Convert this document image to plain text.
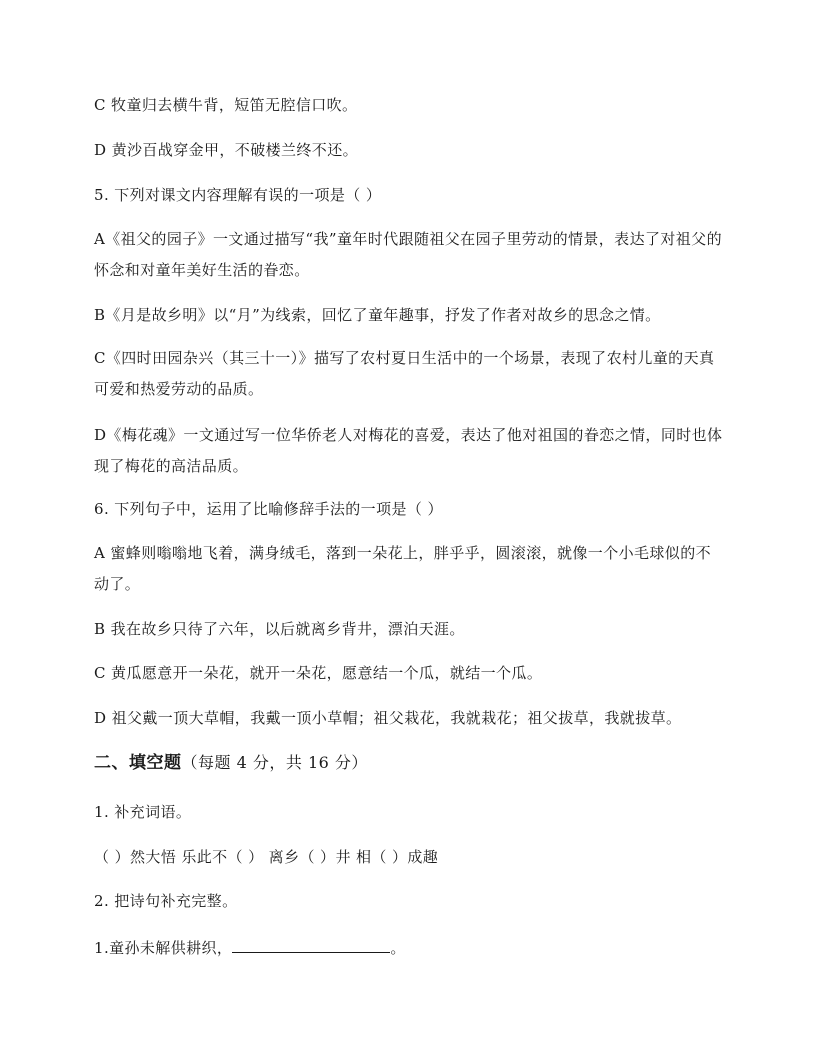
C 牧童归去横牛背，短笛无腔信口吹。
D 黄沙百战穿金甲，不破楼兰终不还。
5. 下列对课文内容理解有误的一项是（ ）
A《祖父的园子》一文通过描写“我”童年时代跟随祖父在园子里劳动的情景，表达了对祖父的怀念和对童年美好生活的眷恋。
B《月是故乡明》以“月”为线索，回忆了童年趣事，抒发了作者对故乡的思念之情。
C《四时田园杂兴（其三十一）》描写了农村夏日生活中的一个场景，表现了农村儿童的天真可爱和热爱劳动的品质。
D《梅花魂》一文通过写一位华侨老人对梅花的喜爱，表达了他对祖国的眷恋之情，同时也体现了梅花的高洁品质。
6. 下列句子中，运用了比喻修辞手法的一项是（ ）
A 蜜蜂则嗡嗡地飞着，满身绒毛，落到一朵花上，胖乎乎，圆滚滚，就像一个小毛球似的不动了。
B 我在故乡只待了六年，以后就离乡背井，漂泊天涯。
C 黄瓜愿意开一朵花，就开一朵花，愿意结一个瓜，就结一个瓜。
D 祖父戴一顶大草帽，我戴一顶小草帽；祖父栽花，我就栽花；祖父拔草，我就拔草。
二、填空题（每题 4 分，共 16 分）
1. 补充词语。
（ ）然大悟 乐此不（ ） 离乡（ ）井 相（ ）成趣
2. 把诗句补充完整。
1.童孙未解供耕织，	。
